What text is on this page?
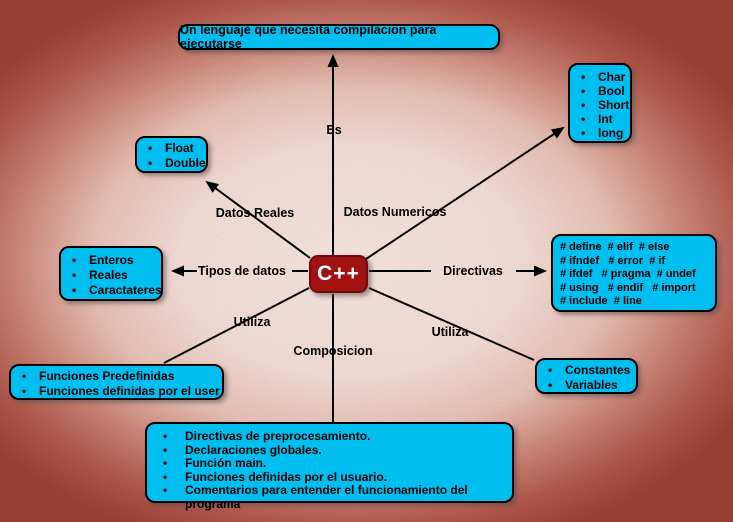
Un lenguaje que necesita compilacion para ejecutarse
• Char
• Bool
• Short
• Int
• long
• Float
• Double
• Enteros
• Reales
• Caractateres
# define  # elif  # else
# ifndef   # error  # if
# ifdef   # pragma  # undef
# using   # endif   # import
# include  # line
• Funciones Predefinidas
• Funciones definidas por el user
• Constantes
• Variables
• Directivas de preprocesamiento.
• Declaraciones globales.
• Función main.
• Funciones definidas por el usuario.
• Comentarios para entender el funcionamiento del programa
C++
Es
Datos Reales	Datos Numericos
Tipos de datos	Directivas
Utiliza
Composicion
Utiliza
